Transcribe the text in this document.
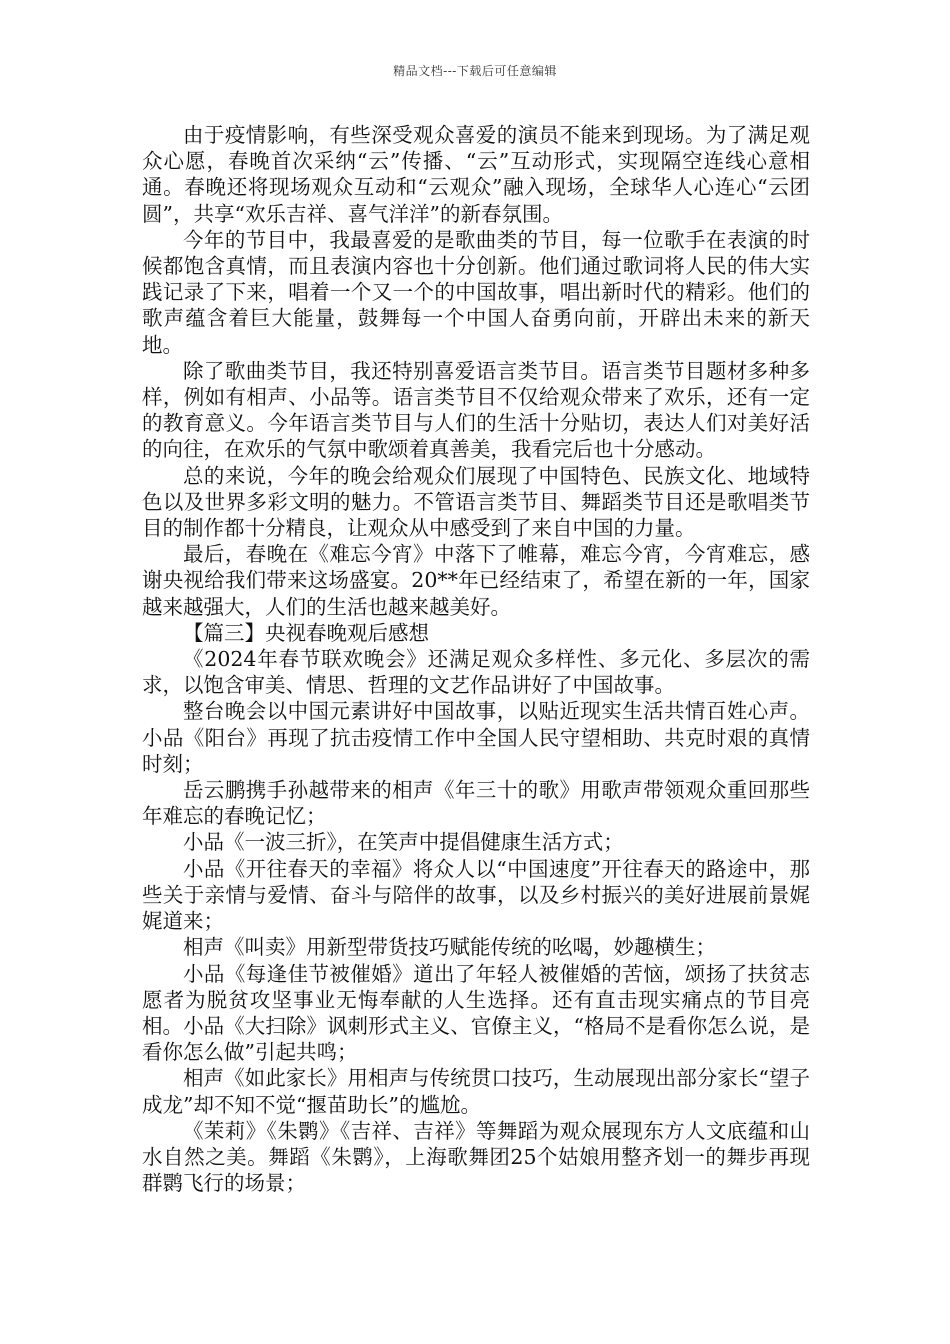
精品文档---下载后可任意编辑

由于疫情影响，有些深受观众喜爱的演员不能来到现场。为了满足观众心愿，春晚首次采纳“云”传播、“云”互动形式，实现隔空连线心意相通。春晚还将现场观众互动和“云观众”融入现场，全球华人心连心“云团圆”，共享“欢乐吉祥、喜气洋洋”的新春氛围。

今年的节目中，我最喜爱的是歌曲类的节目，每一位歌手在表演的时候都饱含真情，而且表演内容也十分创新。他们通过歌词将人民的伟大实践记录了下来，唱着一个又一个的中国故事，唱出新时代的精彩。他们的歌声蕴含着巨大能量，鼓舞每一个中国人奋勇向前，开辟出未来的新天地。

除了歌曲类节目，我还特别喜爱语言类节目。语言类节目题材多种多样，例如有相声、小品等。语言类节目不仅给观众带来了欢乐，还有一定的教育意义。今年语言类节目与人们的生活十分贴切，表达人们对美好活的向往，在欢乐的气氛中歌颂着真善美，我看完后也十分感动。

总的来说，今年的晚会给观众们展现了中国特色、民族文化、地域特色以及世界多彩文明的魅力。不管语言类节目、舞蹈类节目还是歌唱类节目的制作都十分精良，让观众从中感受到了来自中国的力量。

最后，春晚在《难忘今宵》中落下了帷幕，难忘今宵，今宵难忘，感谢央视给我们带来这场盛宴。20**年已经结束了，希望在新的一年，国家越来越强大，人们的生活也越来越美好。

【篇三】央视春晚观后感想

《2024年春节联欢晚会》还满足观众多样性、多元化、多层次的需求，以饱含审美、情思、哲理的文艺作品讲好了中国故事。

整台晚会以中国元素讲好中国故事，以贴近现实生活共情百姓心声。小品《阳台》再现了抗击疫情工作中全国人民守望相助、共克时艰的真情时刻；

岳云鹏携手孙越带来的相声《年三十的歌》用歌声带领观众重回那些年难忘的春晚记忆；

小品《一波三折》，在笑声中提倡健康生活方式；

小品《开往春天的幸福》将众人以“中国速度”开往春天的路途中，那些关于亲情与爱情、奋斗与陪伴的故事，以及乡村振兴的美好进展前景娓娓道来；

相声《叫卖》用新型带货技巧赋能传统的吆喝，妙趣横生；

小品《每逢佳节被催婚》道出了年轻人被催婚的苦恼，颂扬了扶贫志愿者为脱贫攻坚事业无悔奉献的人生选择。还有直击现实痛点的节目亮相。小品《大扫除》讽刺形式主义、官僚主义，“格局不是看你怎么说，是看你怎么做”引起共鸣；

相声《如此家长》用相声与传统贯口技巧，生动展现出部分家长“望子成龙”却不知不觉“揠苗助长”的尴尬。

《茉莉》《朱鹮》《吉祥、吉祥》等舞蹈为观众展现东方人文底蕴和山水自然之美。舞蹈《朱鹮》，上海歌舞团25个姑娘用整齐划一的舞步再现群鹮飞行的场景；
